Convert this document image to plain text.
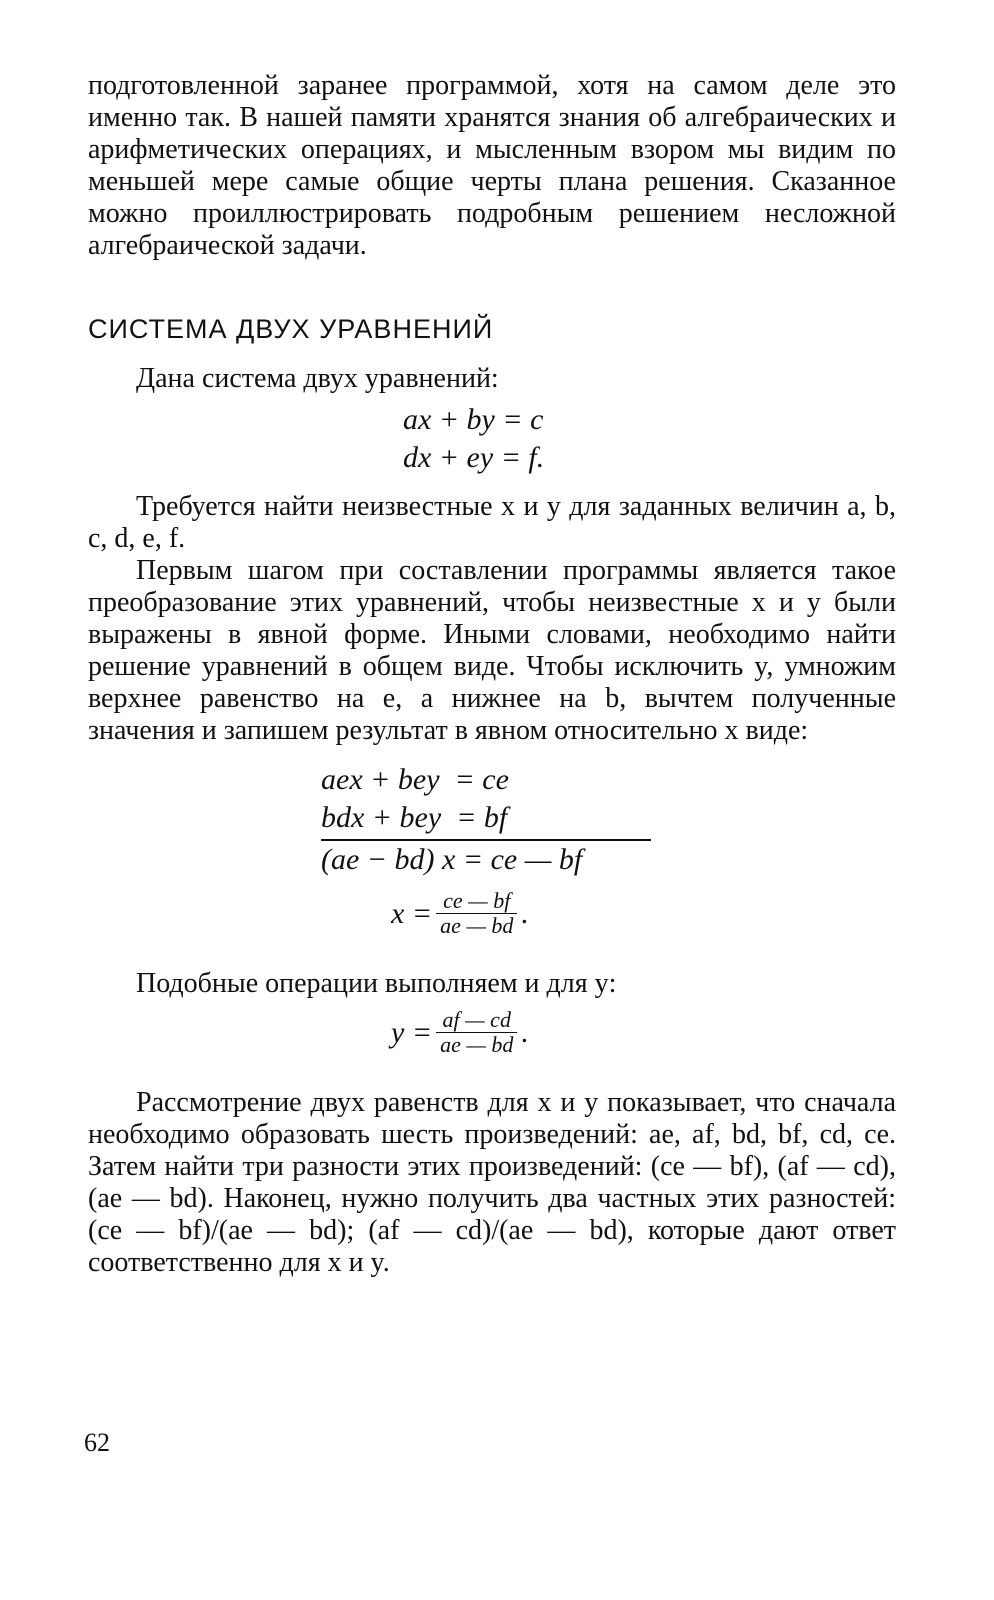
подготовленной заранее программой, хотя на самом деле это именно так. В нашей памяти хранятся знания об алгебраических и арифметических операциях, и мысленным взором мы видим по меньшей мере самые общие черты плана решения. Сказанное можно проиллюстрировать подробным решением несложной алгебраической задачи.

СИСТЕМА ДВУХ УРАВНЕНИЙ

Дана система двух уравнений:

ax + by = c
dx + ey = f.

Требуется найти неизвестные x и y для заданных величин a, b, c, d, e, f.

Первым шагом при составлении программы является такое преобразование этих уравнений, чтобы неизвестные x и y были выражены в явной форме. Иными словами, необходимо найти решение уравнений в общем виде. Чтобы исключить y, умножим верхнее равенство на e, а нижнее на b, вычтем полученные значения и запишем результат в явном относительно x виде:

aex + bey  = ce
bdx + bey  = bf
(ae − bd) x = ce — bf
$x = \frac{ce — bf}{ae — bd}$ .

Подобные операции выполняем и для y:

$y = \frac{af — cd}{ae — bd}$ .

Рассмотрение двух равенств для x и y показывает, что сначала необходимо образовать шесть произведений: ae, af, bd, bf, cd, ce. Затем найти три разности этих произведений: (ce — bf), (af — cd), (ae — bd). Наконец, нужно получить два частных этих разностей: (ce — bf)/(ae — bd); (af — cd)/(ae — bd), которые дают ответ соответственно для x и y.

62
